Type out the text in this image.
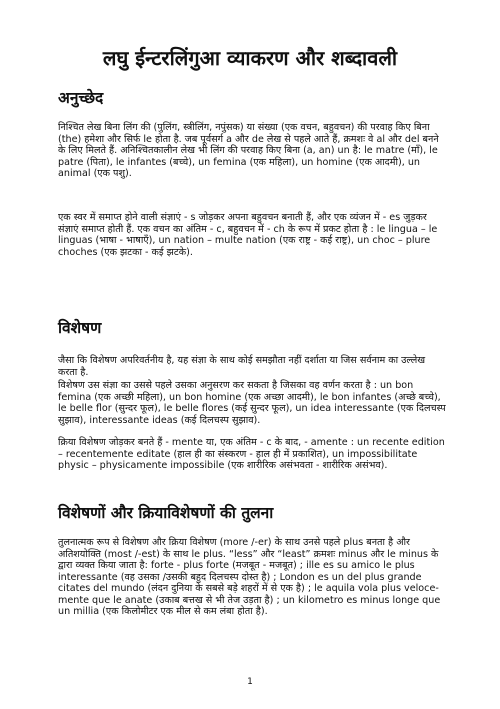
लघु ईन्टरलिंगुआ व्याकरण और शब्दावली
अनुच्छेद

निश्चित लेख बिना लिंग की (पुलिंग, स्त्रीलिंग, नपुंसक) या संख्या (एक वचन, बहुवचन) की परवाह किए बिना (the) हमेशा और सिर्फ le होता है. जब पूर्वसर्ग a और de लेख से पहले आते हैं, क्रमशः वे al और del बनने के लिए मिलते हैं. अनिश्चितकालीन लेख भी लिंग की परवाह किए बिना (a, an) un है: le matre (माँ), le patre (पिता), le infantes (बच्चे), un femina (एक महिला), un homine (एक आदमी), un animal (एक पशु).

एक स्वर में समाप्त होने वाली संज्ञाएं - s जोड़कर अपना बहुवचन बनाती हैं, और एक व्यंजन में - es जुड़कर संज्ञाएं समाप्त होती हैं. एक वचन का अंतिम - c, बहुवचन में - ch के रूप में प्रकट होता है : le lingua – le linguas (भाषा - भाषाएँ), un nation – multe nation (एक राष्ट्र - कई राष्ट्र), un choc – plure choches (एक झटका - कई झटके).

विशेषण

जैसा कि विशेषण अपरिवर्तनीय है, यह संज्ञा के साथ कोई समझौता नहीं दर्शाता या जिस सर्वनाम का उल्लेख करता है.

विशेषण उस संज्ञा का उससे पहले उसका अनुसरण कर सकता है जिसका वह वर्णन करता है : un bon femina (एक अच्छी महिला), un bon homine (एक अच्छा आदमी), le bon infantes (अच्छे बच्चे), le belle flor (सुन्दर फूल), le belle flores (कई सुन्दर फूल), un idea interessante (एक दिलचस्प सुझाव), interessante ideas (कई दिलचस्प सुझाव).

क्रिया विशेषण जोड़कर बनते हैं - mente या, एक अंतिम - c के बाद, - amente : un recente edition – recentemente editate (हाल ही का संस्करण - हाल ही में प्रकाशित), un impossibilitate physic – physicamente impossibile (एक शारीरिक असंभवता - शारीरिक असंभव).

विशेषणों और क्रियाविशेषणों की तुलना

तुलनात्मक रूप से विशेषण और क्रिया विशेषण (more /-er) के साथ उनसे पहले plus बनता है और अतिशयोक्ति (most /-est) के साथ le plus. “less” और “least” क्रमशः minus और le minus के द्वारा व्यक्त किया जाता है: forte - plus forte (मजबूत - मजबूत) ; ille es su amico le plus interessante (वह उसका /उसकी बहुद दिलचस्प दोस्त है) ; London es un del plus grande citates del mundo (लंदन दुनिया के सबसे बड़े शहरों में से एक है) ; le aquila vola plus veloce-mente que le anate (उकाब बत्तख से भी तेज उड़ता है) ; un kilometro es minus longe que un millia (एक किलोमीटर एक मील से कम लंबा होता है).

1
